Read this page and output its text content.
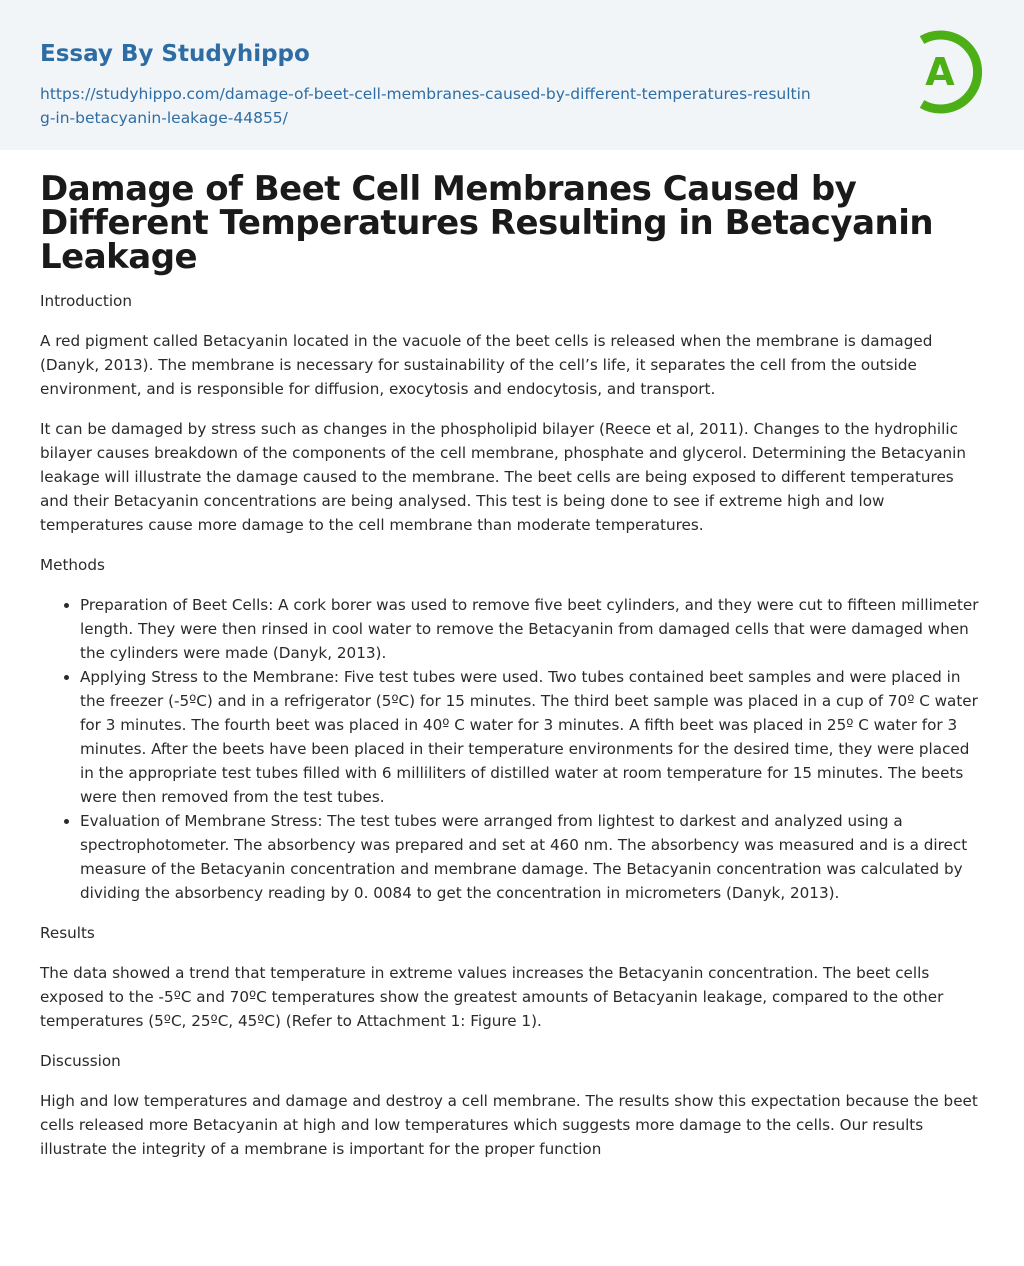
Essay By Studyhippo
https://studyhippo.com/damage-of-beet-cell-membranes-caused-by-different-temperatures-resulting-in-betacyanin-leakage-44855/
A
Damage of Beet Cell Membranes Caused by Different Temperatures Resulting in Betacyanin Leakage

Introduction

A red pigment called Betacyanin located in the vacuole of the beet cells is released when the membrane is damaged (Danyk, 2013). The membrane is necessary for sustainability of the cell’s life, it separates the cell from the outside environment, and is responsible for diffusion, exocytosis and endocytosis, and transport.

It can be damaged by stress such as changes in the phospholipid bilayer (Reece et al, 2011). Changes to the hydrophilic bilayer causes breakdown of the components of the cell membrane, phosphate and glycerol. Determining the Betacyanin leakage will illustrate the damage caused to the membrane. The beet cells are being exposed to different temperatures and their Betacyanin concentrations are being analysed. This test is being done to see if extreme high and low temperatures cause more damage to the cell membrane than moderate temperatures.

Methods

• Preparation of Beet Cells: A cork borer was used to remove five beet cylinders, and they were cut to fifteen millimeter length. They were then rinsed in cool water to remove the Betacyanin from damaged cells that were damaged when the cylinders were made (Danyk, 2013).
• Applying Stress to the Membrane: Five test tubes were used. Two tubes contained beet samples and were placed in the freezer (-5ºC) and in a refrigerator (5ºC) for 15 minutes. The third beet sample was placed in a cup of 70º C water for 3 minutes. The fourth beet was placed in 40º C water for 3 minutes. A fifth beet was placed in 25º C water for 3 minutes. After the beets have been placed in their temperature environments for the desired time, they were placed in the appropriate test tubes filled with 6 milliliters of distilled water at room temperature for 15 minutes. The beets were then removed from the test tubes.
• Evaluation of Membrane Stress: The test tubes were arranged from lightest to darkest and analyzed using a spectrophotometer. The absorbency was prepared and set at 460 nm. The absorbency was measured and is a direct measure of the Betacyanin concentration and membrane damage. The Betacyanin concentration was calculated by dividing the absorbency reading by 0. 0084 to get the concentration in micrometers (Danyk, 2013).

Results

The data showed a trend that temperature in extreme values increases the Betacyanin concentration. The beet cells exposed to the -5ºC and 70ºC temperatures show the greatest amounts of Betacyanin leakage, compared to the other temperatures (5ºC, 25ºC, 45ºC) (Refer to Attachment 1: Figure 1).

Discussion

High and low temperatures and damage and destroy a cell membrane. The results show this expectation because the beet cells released more Betacyanin at high and low temperatures which suggests more damage to the cells. Our results illustrate the integrity of a membrane is important for the proper function
